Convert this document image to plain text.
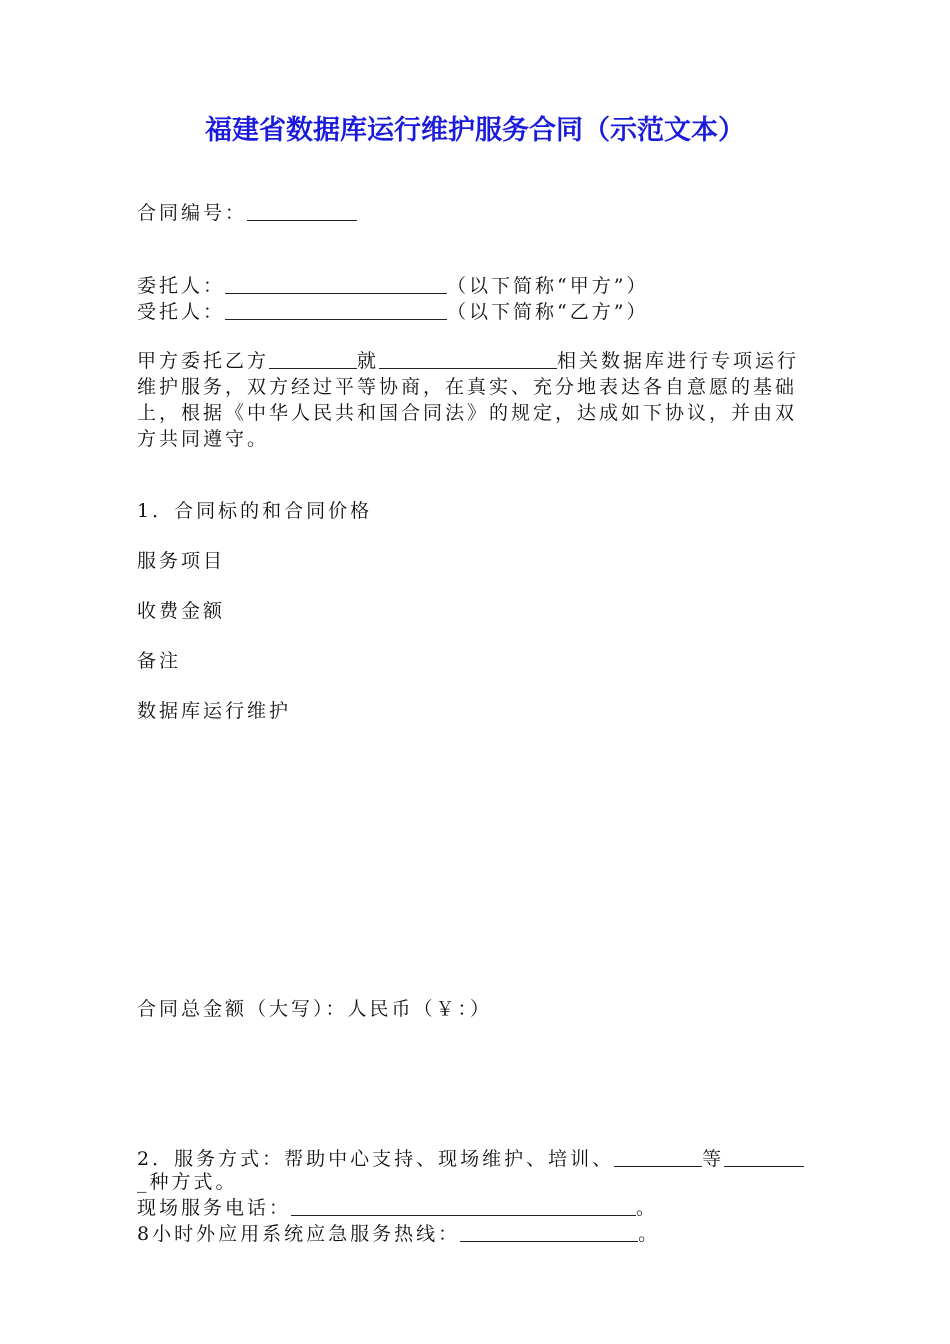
福建省数据库运行维护服务合同（示范文本）
合同编号：
委托人：	（以下简称“甲方”）
受托人：	（以下简称“乙方”）
甲方委托乙方	就	相关数据库进行专项运行
维护服务，双方经过平等协商，在真实、充分地表达各自意愿的基础
上，根据《中华人民共和国合同法》的规定，达成如下协议，并由双
方共同遵守。
1．合同标的和合同价格
服务项目
收费金额
备注
数据库运行维护
合同总金额（大写）：人民币（￥：）
2．服务方式：帮助中心支持、现场维护、培训、	等
_种方式。
现场服务电话：	。
8小时外应用系统应急服务热线：	。
